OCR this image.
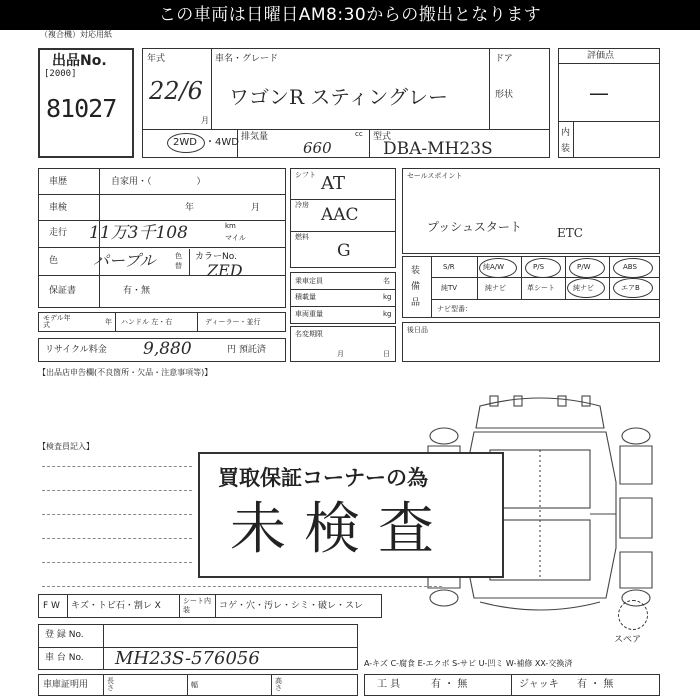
この車両は日曜日AM8:30からの搬出となります
（複合機）対応用紙
出品No.
[2000]
81027
年式
22/6
月
車名・グレード
ワゴンR スティングレー
ドア
形状
2WD ・4WD 排気量	cc
660
型式
DBA-MH23S
評価点
—
内装
車歴	自家用・（　　　　　）
車検	年	月
走行 11万3千108	km
マイル
色 パープル	色替
カラーNo.
ZED
保証書	有・無
モデル年式	年 ハンドル 左・右	ディーラー・並行
リサイクル料金 9,880	円 預託済
シフト AT
冷房 AAC
燃料
G
乗車定員	名
積載量	kg
車両重量	kg
名変期限
月	日
セールスポイント
プッシュスタート	ETC
装備品
S/R	純A/W	P/S	P/W	ABS
純TV	純ナビ	革シート	純ナビ	エアB
ナビ型番：
後日品
【出品店申告欄(不良箇所・欠品・注意事項等)】
【検査員記入】
買取保証コーナーの為
未検査
スペア
F W キズ・トビ石・割レ X	シート内装	コゲ・穴・汚レ・シミ・破レ・スレ
登 録 No.
車 台 No. MH23S-576056
車庫証明用	長さ	幅	高さ
A-キズ C-腐食 E-エクボ S-サビ U-凹ミ W-補修 XX-交換済
工 具	有 ・ 無	ジャッキ 有 ・ 無
